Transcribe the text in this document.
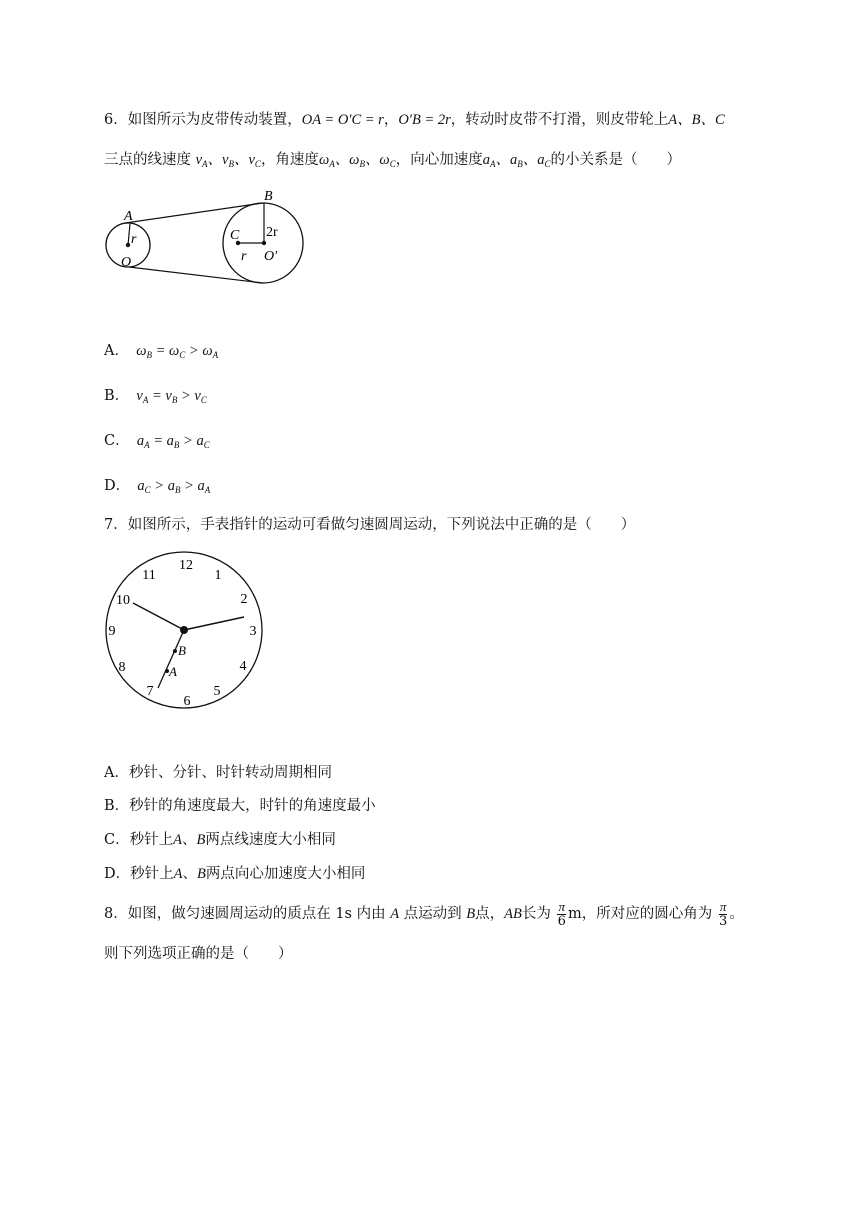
6．如图所示为皮带传动装置，OA = O′C = r，O′B = 2r，转动时皮带不打滑，则皮带轮上A、B、C
三点的线速度 $v_A$、$v_B$、$v_C$，角速度$\omega_A$、$\omega_B$、$\omega_C$，向心加速度$a_A$、$a_B$、$a_C$的小关系是（　　）
A
r
O
B
C 2r
r O′
A．　 $\omega_B = \omega_C > \omega_A$
B．　 $v_A = v_B > v_C$
C．　 $a_A = a_B > a_C$
D．　 $a_C > a_B > a_A$
7．如图所示，手表指针的运动可看做匀速圆周运动，下列说法中正确的是（　　）
12
1
2
3
4
5
6
7
8
9
10
11
B
A
A．秒针、分针、时针转动周期相同
B．秒针的角速度最大，时针的角速度最小
C．秒针上A、B两点线速度大小相同
D．秒针上A、B两点向心加速度大小相同
8．如图，做匀速圆周运动的质点在 1s 内由 A 点运动到 B点，AB长为 $\frac{\pi}{6}$ m，所对应的圆心角为 $\frac{\pi}{3}$ 。
则下列选项正确的是（　　）
